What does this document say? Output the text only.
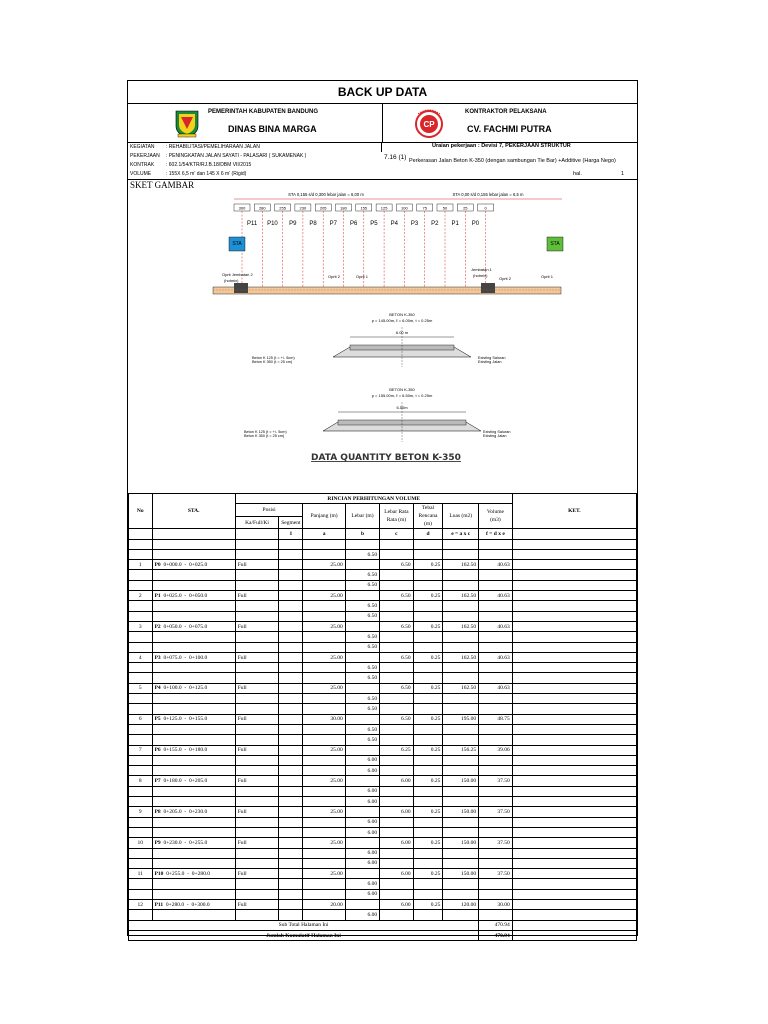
BACK UP DATA
PEMERINTAH KABUPATEN BANDUNG
DINAS BINA MARGA	CP
KONTRAKTOR PELAKSANA
CV. FACHMI PUTRA
KEGIATAN : REHABILITASI/PEMELIHARAAN JALAN
PEKERJAAN : PENINGKATAN JALAN SAYATI - PALASARI ( SUKAMENAK )
KONTRAK : 602.1/54/KTR/RJ.B.18/DBM VII/2015
VOLUME	: 155X 6,5 m' dan 145 X 6 m' (Rigid)
Uraian pekerjaan : Devisi 7, PEKERJAAN STRUKTUR
7.16 (1) Perkerasan Jalan Beton K-350 (dengan sambungan Tie Bar) +Additive (Harga Nego)
hal.	1
SKET GAMBAR
STA 0,155 s/d 0,300 lebar jalan = 6,00 m	STA 0,00 s/d 0,155 lebar jalan = 6,5 m
300	280	255	230	205	180	155	125	100	75	50	25	0
P11 P10 P9 P8 P7 P6 P5 P4 P3 P2 P1 P0
STA	STA
Oprit Jembatan 2
(hotmix)
Oprit 2	Oprit 1
Jembatan 1
(hotmix)
Oprit 2	Oprit 1
BETON K-350
p = 145.00m, ℓ = 6.00m, t = 0.25m
6.00 m
Beton K 125 (t = +/- 5cm)
Beton K 350 (t = 25 cm)
Existing Saluran
Existing Jalan
BETON K-350
p = 155.00m, ℓ = 6.50m, t = 0.25m
6.50m
Beton K 125 (t = +/- 5cm)
Beton K 350 (t = 25 cm)
Existing Saluran
Existing Jalan
DATA QUANTITY BETON K-350
No	STA.	RINCIAN PERHITUNGAN VOLUME								KET.
		Posisi		Panjang (m)	Lebar (m)	Lebar Rata Rata (m)	Tebal Rencana (m)	Luas (m2)	Volume (m3)	
		Ka/Full/Ki	Segment							
			1	a	b	c	d	e = a x c	f = d x e	

					6.50					
1	P0 0+000.0 - 0+025.0	Full		25.00		6.50	0.25	162.50	40.63	
					6.50					
					6.50					
2	P1 0+025.0 - 0+050.0	Full		25.00		6.50	0.25	162.50	40.63	
					6.50					
					6.50					
3	P2 0+050.0 - 0+075.0	Full		25.00		6.50	0.25	162.50	40.63	
					6.50					
					6.50					
4	P3 0+075.0 - 0+100.0	Full		25.00		6.50	0.25	162.50	40.63	
					6.50					
					6.50					
5	P4 0+100.0 - 0+125.0	Full		25.00		6.50	0.25	162.50	40.63	
					6.50					
					6.50					
6	P5 0+125.0 - 0+155.0	Full		30.00		6.50	0.25	195.00	48.75	
					6.50					
					6.50					
7	P6 0+155.0 - 0+180.0	Full		25.00		6.25	0.25	156.25	39.06	
					6.00					
					6.00					
8	P7 0+180.0 - 0+205.0	Full		25.00		6.00	0.25	150.00	37.50	
					6.00					
					6.00					
9	P8 0+205.0 - 0+230.0	Full		25.00		6.00	0.25	150.00	37.50	
					6.00					
					6.00					
10	P9 0+230.0 - 0+255.0	Full		25.00		6.00	0.25	150.00	37.50	
					6.00					
					6.00					
11	P10 0+255.0 - 0+280.0	Full		25.00		6.00	0.25	150.00	37.50	
					6.00					
					6.00					
12	P11 0+280.0 - 0+300.0	Full		20.00		6.00	0.25	120.00	30.00	
					6.00					
Sub Total Halaman Ini									470.94	
Jumlah Kumulatif Halaman Ini									470.94	
